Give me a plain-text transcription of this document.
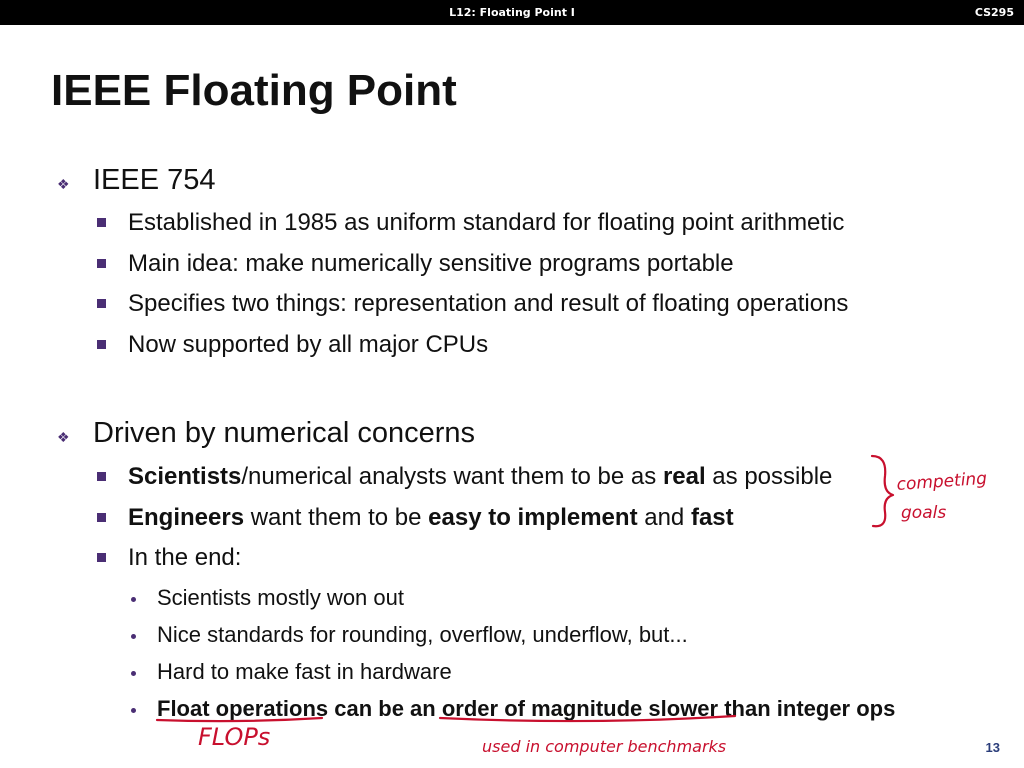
L12: Floating Point I	CS295
IEEE Floating Point
❖ IEEE 754
Established in 1985 as uniform standard for floating point arithmetic
Main idea: make numerically sensitive programs portable
Specifies two things: representation and result of floating operations
Now supported by all major CPUs
❖ Driven by numerical concerns
Scientists/numerical analysts want them to be as real as possible
Engineers want them to be easy to implement and fast
In the end:
Scientists mostly won out
Nice standards for rounding, overflow, underflow, but...
Hard to make fast in hardware
Float operations can be an order of magnitude slower than integer ops
competing
goals
FLOPs	used in computer benchmarks	13
